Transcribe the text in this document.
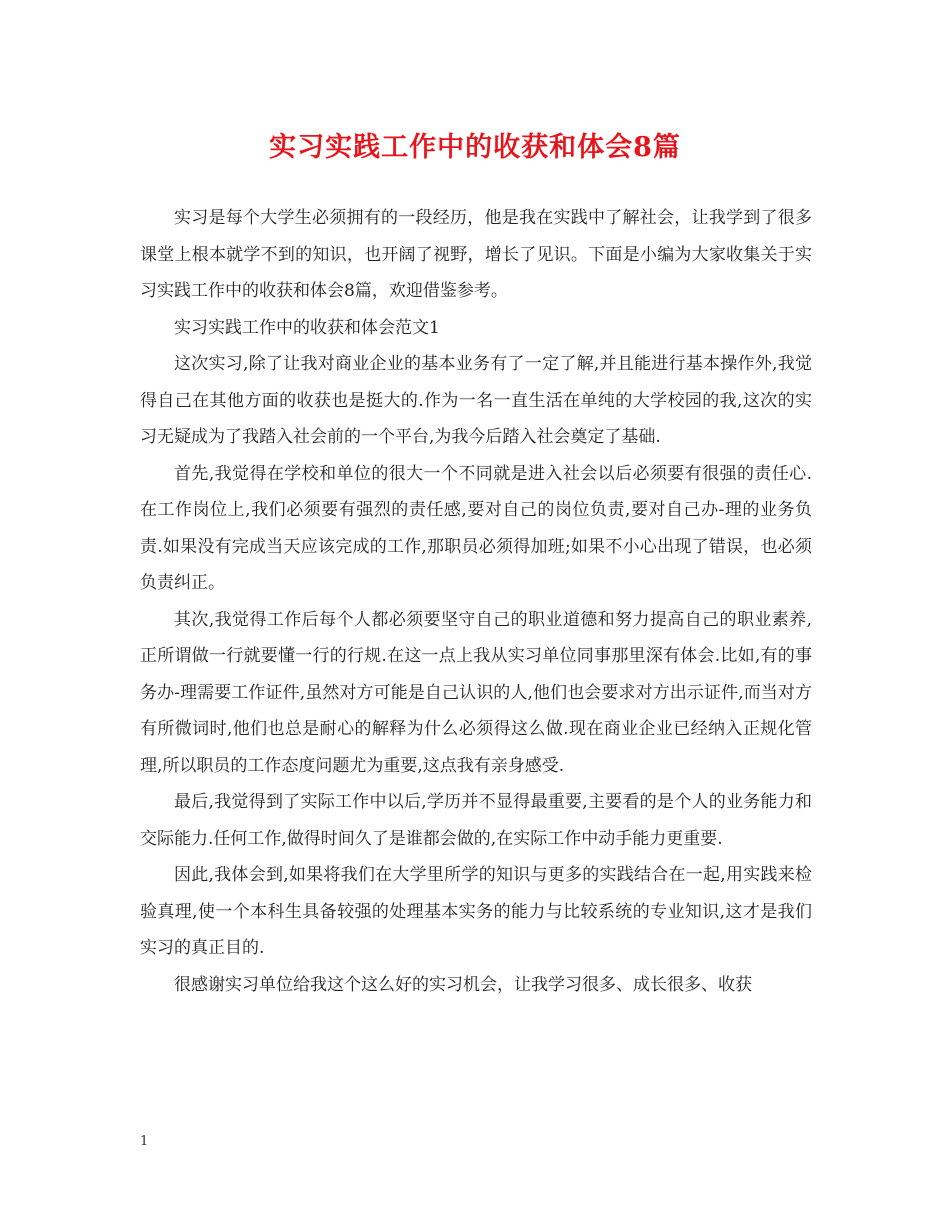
实习实践工作中的收获和体会8篇

实习是每个大学生必须拥有的一段经历，他是我在实践中了解社会，让我学到了很多课堂上根本就学不到的知识，也开阔了视野，增长了见识。下面是小编为大家收集关于实习实践工作中的收获和体会8篇，欢迎借鉴参考。

实习实践工作中的收获和体会范文1

这次实习,除了让我对商业企业的基本业务有了一定了解,并且能进行基本操作外,我觉得自己在其他方面的收获也是挺大的.作为一名一直生活在单纯的大学校园的我,这次的实习无疑成为了我踏入社会前的一个平台,为我今后踏入社会奠定了基础.

首先,我觉得在学校和单位的很大一个不同就是进入社会以后必须要有很强的责任心.在工作岗位上,我们必须要有强烈的责任感,要对自己的岗位负责,要对自己办-理的业务负责.如果没有完成当天应该完成的工作,那职员必须得加班;如果不小心出现了错误，也必须负责纠正。

其次,我觉得工作后每个人都必须要坚守自己的职业道德和努力提高自己的职业素养,正所谓做一行就要懂一行的行规.在这一点上我从实习单位同事那里深有体会.比如,有的事务办-理需要工作证件,虽然对方可能是自己认识的人,他们也会要求对方出示证件,而当对方有所微词时,他们也总是耐心的解释为什么必须得这么做.现在商业企业已经纳入正规化管理,所以职员的工作态度问题尤为重要,这点我有亲身感受.

最后,我觉得到了实际工作中以后,学历并不显得最重要,主要看的是个人的业务能力和交际能力.任何工作,做得时间久了是谁都会做的,在实际工作中动手能力更重要.

因此,我体会到,如果将我们在大学里所学的知识与更多的实践结合在一起,用实践来检验真理,使一个本科生具备较强的处理基本实务的能力与比较系统的专业知识,这才是我们实习的真正目的.

很感谢实习单位给我这个这么好的实习机会，让我学习很多、成长很多、收获

1
